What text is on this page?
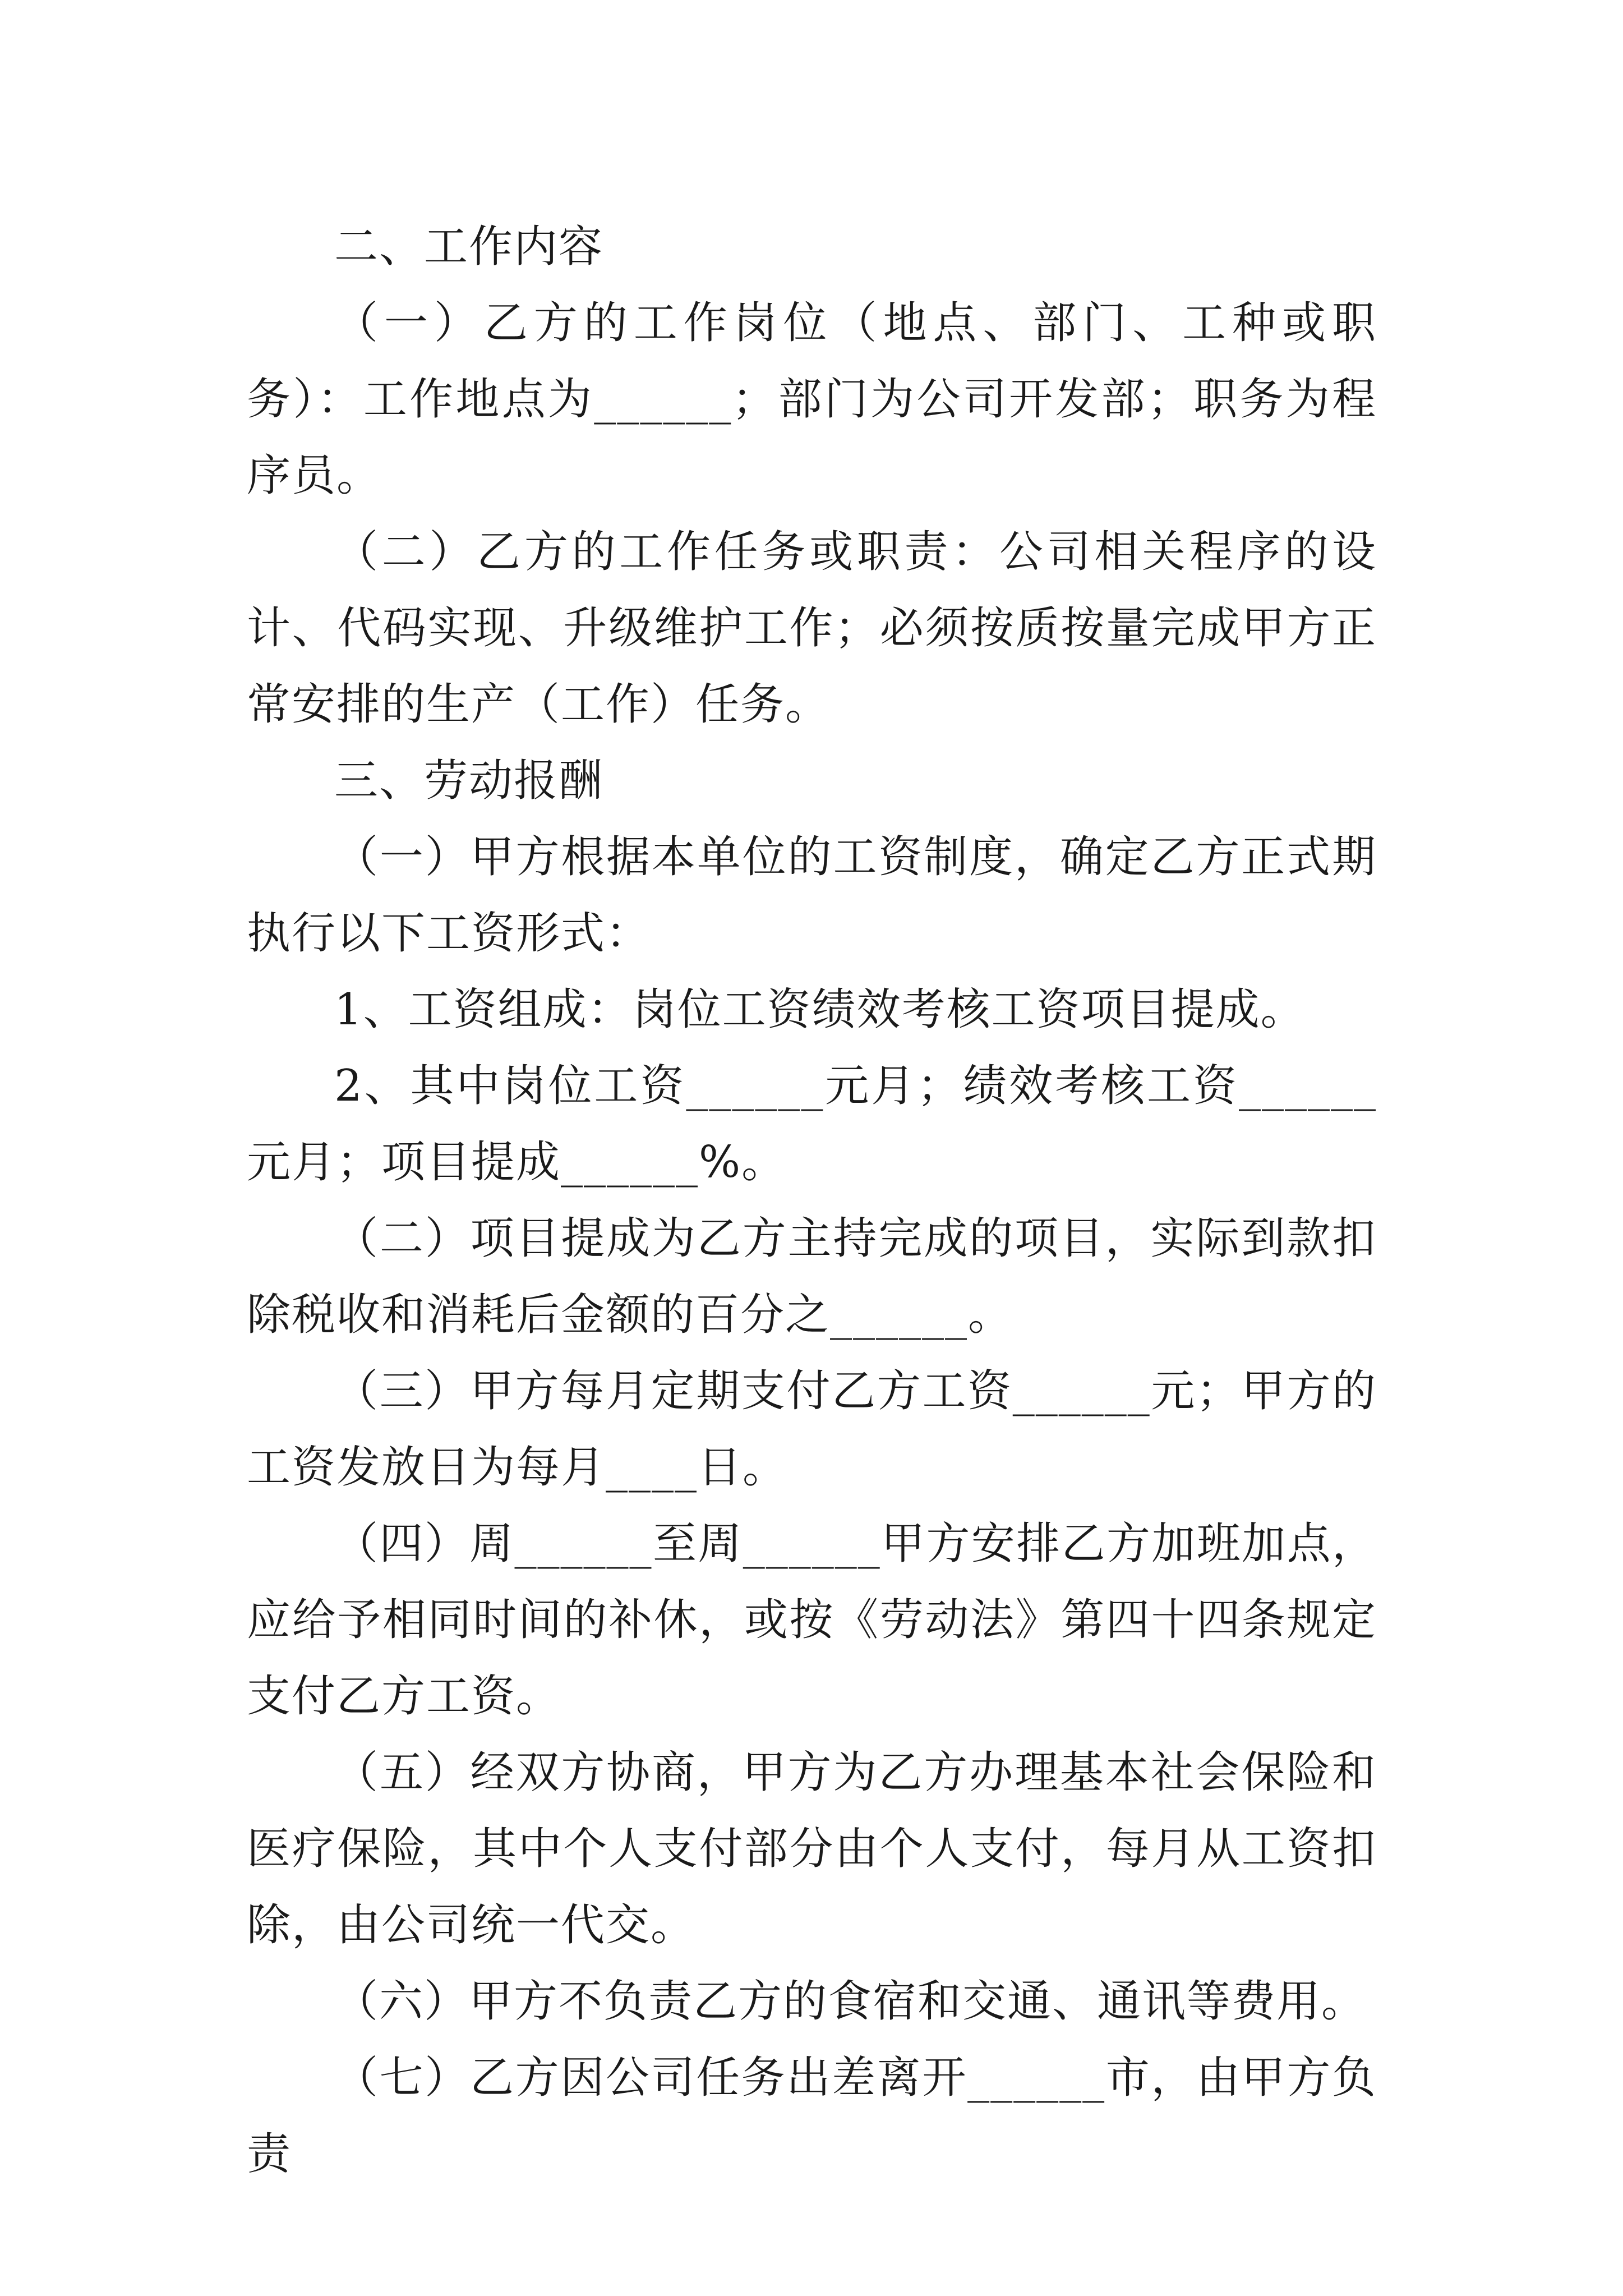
二、工作内容

（一）乙方的工作岗位（地点、部门、工种或职务）：工作地点为______；部门为公司开发部；职务为程序员。

（二）乙方的工作任务或职责：公司相关程序的设计、代码实现、升级维护工作；必须按质按量完成甲方正常安排的生产（工作）任务。

三、劳动报酬

（一）甲方根据本单位的工资制度，确定乙方正式期执行以下工资形式：

1、工资组成：岗位工资绩效考核工资项目提成。

2、其中岗位工资______元月；绩效考核工资______元月；项目提成______%。

（二）项目提成为乙方主持完成的项目，实际到款扣除税收和消耗后金额的百分之______。

（三）甲方每月定期支付乙方工资______元；甲方的工资发放日为每月____日。

（四）周______至周______甲方安排乙方加班加点，应给予相同时间的补休，或按《劳动法》第四十四条规定支付乙方工资。

（五）经双方协商，甲方为乙方办理基本社会保险和医疗保险，其中个人支付部分由个人支付，每月从工资扣除，由公司统一代交。

（六）甲方不负责乙方的食宿和交通、通讯等费用。

（七）乙方因公司任务出差离开______市，由甲方负责
